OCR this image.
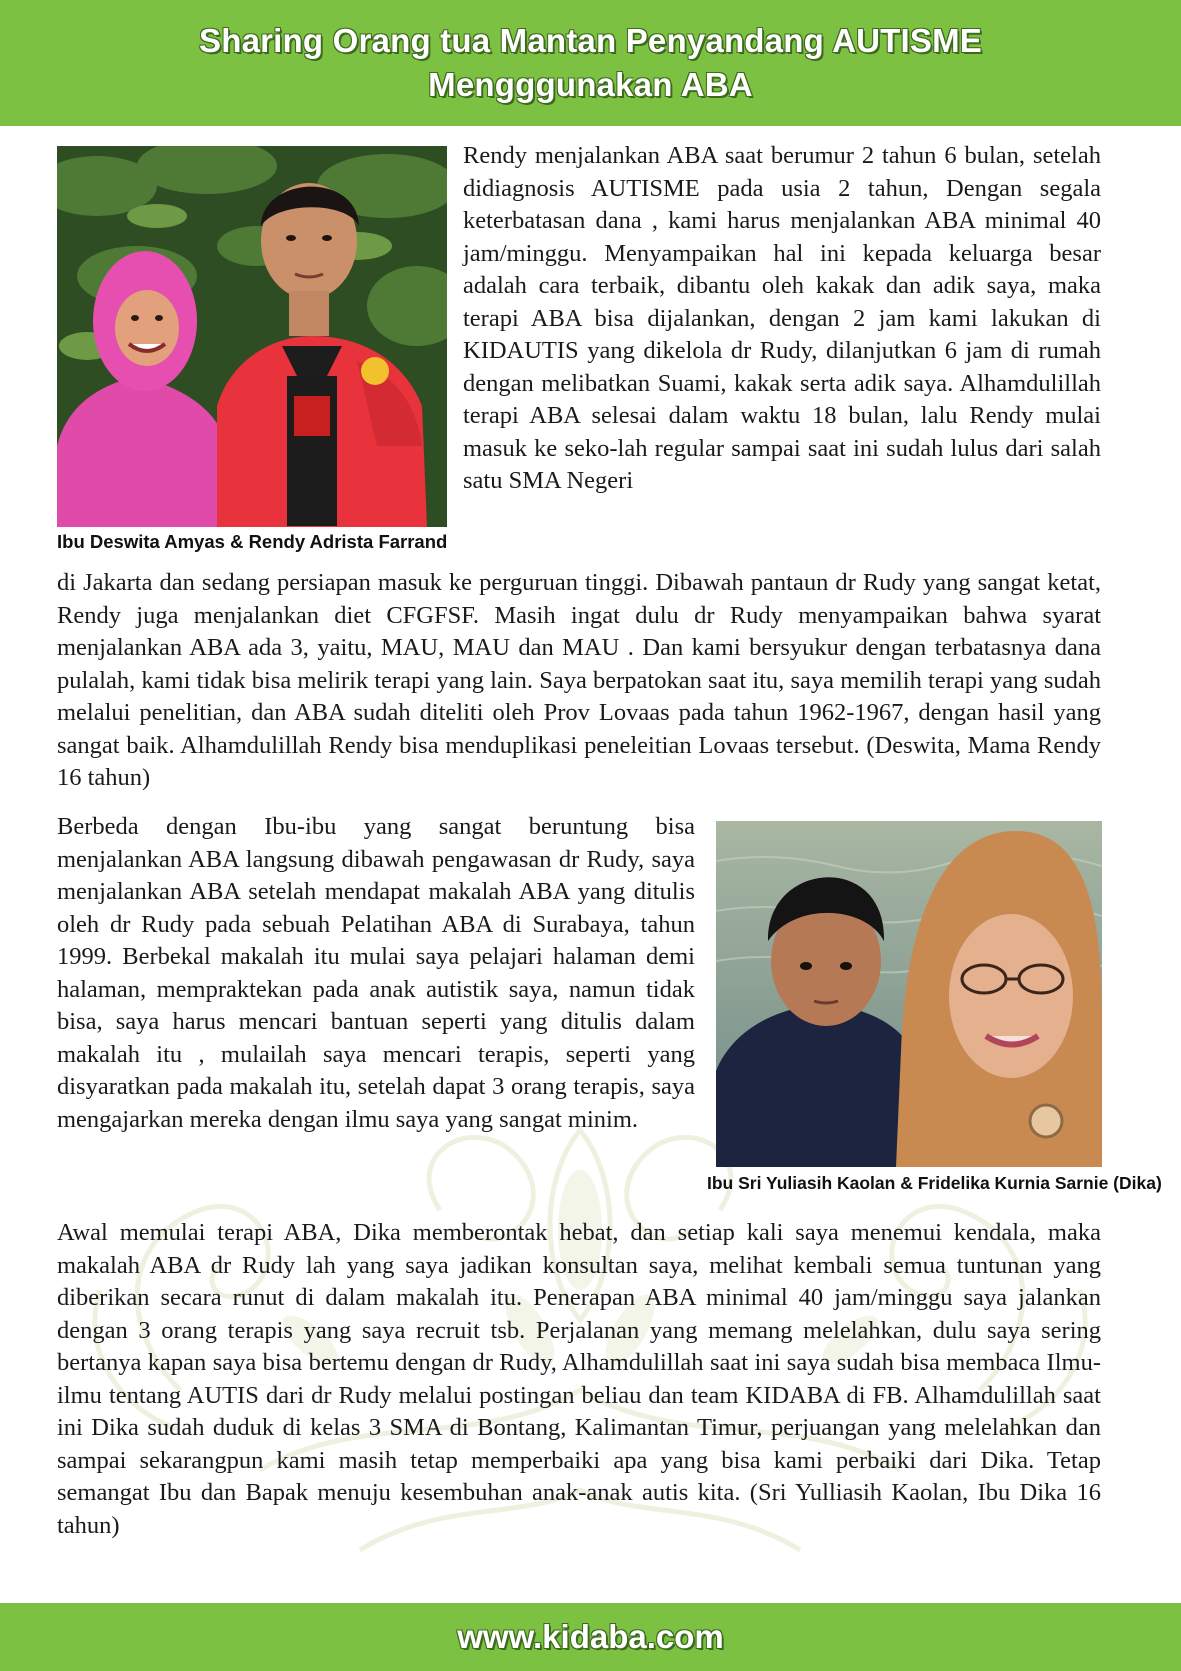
Sharing Orang tua Mantan Penyandang AUTISME
Mengggunakan ABA
Ibu Deswita Amyas & Rendy Adrista Farrand

Rendy menjalankan ABA saat berumur 2 tahun 6 bulan, setelah didiagnosis AUTISME pada usia 2 tahun, Dengan segala keterbatasan dana , kami harus menjalankan ABA minimal 40 jam/minggu. Menyampaikan hal ini kepada keluarga besar adalah cara terbaik, dibantu oleh kakak dan adik saya, maka terapi ABA bisa dijalankan, dengan 2 jam kami lakukan di KIDAUTIS yang dikelola dr Rudy, dilanjutkan 6 jam di rumah dengan melibatkan Suami, kakak serta adik saya. Alhamdulillah terapi ABA selesai dalam waktu 18 bulan, lalu Rendy mulai masuk ke seko-lah regular sampai saat ini sudah lulus dari salah satu SMA Negeri

di Jakarta dan sedang persiapan masuk ke perguruan tinggi. Dibawah pantaun dr Rudy yang sangat ketat, Rendy juga menjalankan diet CFGFSF. Masih ingat dulu dr Rudy menyampaikan bahwa syarat menjalankan ABA ada 3, yaitu, MAU, MAU dan MAU . Dan kami bersyukur dengan terbatasnya dana pulalah, kami tidak bisa melirik terapi yang lain. Saya berpatokan saat itu, saya memilih terapi yang sudah melalui penelitian, dan ABA sudah diteliti oleh Prov Lovaas pada tahun 1962-1967, dengan hasil yang sangat baik. Alhamdulillah Rendy bisa menduplikasi peneleitian Lovaas tersebut. (Deswita, Mama Rendy 16 tahun)

Berbeda dengan Ibu-ibu yang sangat beruntung bisa menjalankan ABA langsung dibawah pengawasan dr Rudy, saya menjalankan ABA setelah mendapat makalah ABA yang ditulis oleh dr Rudy pada sebuah Pelatihan ABA di Surabaya, tahun 1999. Berbekal makalah itu mulai saya pelajari halaman demi halaman, mempraktekan pada anak autistik saya, namun tidak bisa, saya harus mencari bantuan seperti yang ditulis dalam makalah itu , mulailah saya mencari terapis, seperti yang disyaratkan pada makalah itu, setelah dapat 3 orang terapis, saya mengajarkan mereka dengan ilmu saya yang sangat minim.

Ibu Sri Yuliasih Kaolan & Fridelika Kurnia Sarnie (Dika)

Awal memulai terapi ABA, Dika memberontak hebat, dan setiap kali saya menemui kendala, maka makalah ABA dr Rudy lah yang saya jadikan konsultan saya, melihat kembali semua tuntunan yang diberikan secara runut di dalam makalah itu. Penerapan ABA minimal 40 jam/minggu saya jalankan dengan 3 orang terapis yang saya recruit tsb. Perjalanan yang memang melelahkan, dulu saya sering bertanya kapan saya bisa bertemu dengan dr Rudy, Alhamdulillah saat ini saya sudah bisa membaca Ilmu-ilmu tentang AUTIS dari dr Rudy melalui postingan beliau dan team KIDABA di FB. Alhamdulillah saat ini Dika sudah duduk di kelas 3 SMA di Bontang, Kalimantan Timur, perjuangan yang melelahkan dan sampai sekarangpun kami masih tetap memperbaiki apa yang bisa kami perbaiki dari Dika. Tetap semangat Ibu dan Bapak menuju kesembuhan anak-anak autis kita. (Sri Yulliasih Kaolan, Ibu Dika 16 tahun)

www.kidaba.com
